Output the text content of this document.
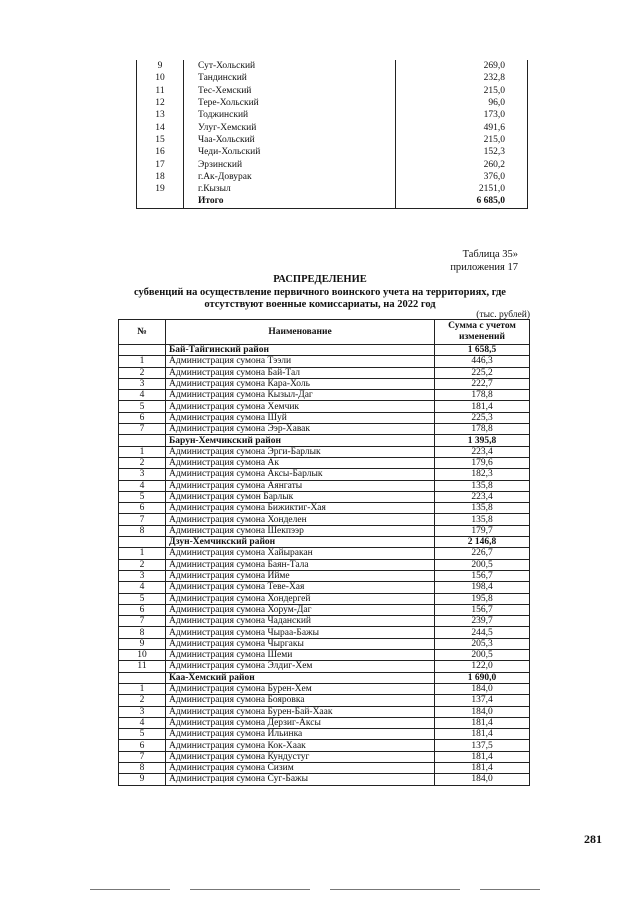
9	Сут-Хольский	269,0
10	Тандинский	232,8
11	Тес-Хемский	215,0
12	Тере-Хольский	96,0
13	Тоджинский	173,0
14	Улуг-Хемский	491,6
15	Чаа-Хольский	215,0
16	Чеди-Хольский	152,3
17	Эрзинский	260,2
18	г.Ак-Довурак	376,0
19	г.Кызыл	2151,0
	Итого	6 685,0
Таблица 35»
приложения 17
РАСПРЕДЕЛЕНИЕ
субвенций на осуществление первичного воинского учета на территориях, где
отсутствуют военные комиссариаты, на 2022 год
(тыс. рублей)
№	Наименование	Сумма с учетом изменений
	Бай-Тайгинский район	1 658,5
1	Администрация сумона Тээли	446,3
2	Администрация сумона Бай-Тал	225,2
3	Администрация сумона Кара-Холь	222,7
4	Администрация сумона Кызыл-Даг	178,8
5	Администрация сумона Хемчик	181,4
6	Администрация сумона Шуй	225,3
7	Администрация сумона Ээр-Хавак	178,8
	Барун-Хемчикский район	1 395,8
1	Администрация сумона Эрги-Барлык	223,4
2	Администрация сумона Ак	179,6
3	Администрация сумона Аксы-Барлык	182,3
4	Администрация сумона Аянгаты	135,8
5	Администрация сумон Барлык	223,4
6	Администрация сумона Бижиктиг-Хая	135,8
7	Администрация сумона Хонделен	135,8
8	Администрация сумона Шекпээр	179,7
	Дзун-Хемчикский район	2 146,8
1	Администрация сумона Хайыракан	226,7
2	Администрация сумона Баян-Тала	200,5
3	Администрация сумона Ийме	156,7
4	Администрация сумона Теве-Хая	198,4
5	Администрация сумона Хондергей	195,8
6	Администрация сумона Хорум-Даг	156,7
7	Администрация сумона Чаданский	239,7
8	Администрация сумона Чыраа-Бажы	244,5
9	Администрация сумона Чыргакы	205,3
10	Администрация сумона Шеми	200,5
11	Администрация сумона Элдиг-Хем	122,0
	Каа-Хемский район	1 690,0
1	Администрация сумона Бурен-Хем	184,0
2	Администрация сумона Бояровка	137,4
3	Администрация сумона Бурен-Бай-Хаак	184,0
4	Администрация сумона Дерзиг-Аксы	181,4
5	Администрация сумона Ильинка	181,4
6	Администрация сумона Кок-Хаак	137,5
7	Администрация сумона Кундустуг	181,4
8	Администрация сумона Сизим	181,4
9	Администрация сумона Суг-Бажы	184,0
281
